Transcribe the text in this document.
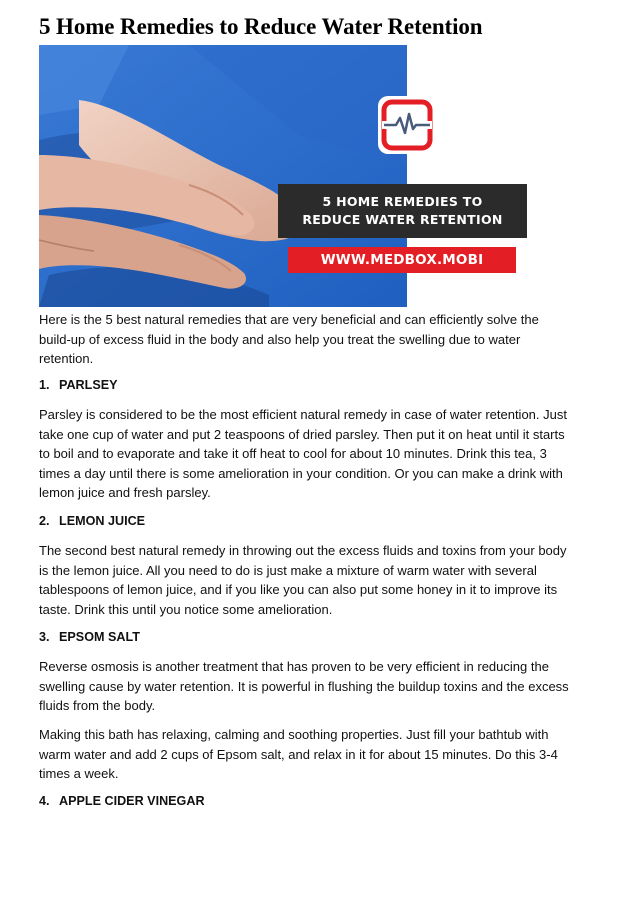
5 Home Remedies to Reduce Water Retention
5 HOME REMEDIES TO
REDUCE WATER RETENTION
WWW.MEDBOX.MOBI

Here is the 5 best natural remedies that are very beneficial and can efficiently solve the build-up of excess fluid in the body and also help you treat the swelling due to water retention.

1. PARLSEY

Parsley is considered to be the most efficient natural remedy in case of water retention. Just take one cup of water and put 2 teaspoons of dried parsley. Then put it on heat until it starts to boil and to evaporate and take it off heat to cool for about 10 minutes. Drink this tea, 3 times a day until there is some amelioration in your condition. Or you can make a drink with lemon juice and fresh parsley.

2. LEMON JUICE

The second best natural remedy in throwing out the excess fluids and toxins from your body is the lemon juice. All you need to do is just make a mixture of warm water with several tablespoons of lemon juice, and if you like you can also put some honey in it to improve its taste. Drink this until you notice some amelioration.

3. EPSOM SALT

Reverse osmosis is another treatment that has proven to be very efficient in reducing the swelling cause by water retention. It is powerful in flushing the buildup toxins and the excess fluids from the body.

Making this bath has relaxing, calming and soothing properties. Just fill your bathtub with warm water and add 2 cups of Epsom salt, and relax in it for about 15 minutes. Do this 3-4 times a week.

4. APPLE CIDER VINEGAR
